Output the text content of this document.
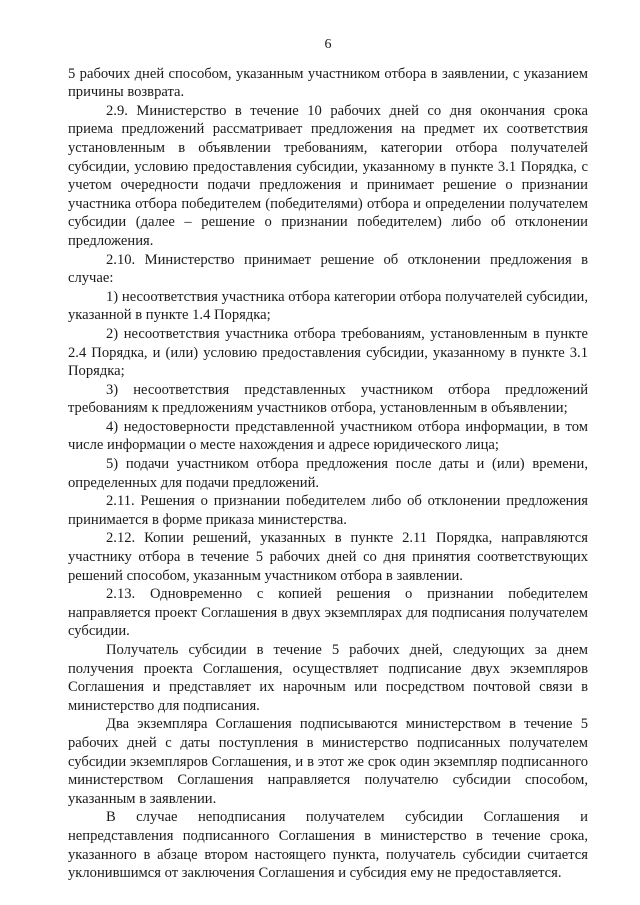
6

5 рабочих дней способом, указанным участником отбора в заявлении, с указанием причины возврата.

2.9. Министерство в течение 10 рабочих дней со дня окончания срока приема предложений рассматривает предложения на предмет их соответствия установленным в объявлении требованиям, категории отбора получателей субсидии, условию предоставления субсидии, указанному в пункте 3.1 Порядка, с учетом очередности подачи предложения и принимает решение о признании участника отбора победителем (победителями) отбора и определении получателем субсидии (далее – решение о признании победителем) либо об отклонении предложения.

2.10. Министерство принимает решение об отклонении предложения в случае:

1) несоответствия участника отбора категории отбора получателей субсидии, указанной в пункте 1.4 Порядка;

2) несоответствия участника отбора требованиям, установленным в пункте 2.4 Порядка, и (или) условию предоставления субсидии, указанному в пункте 3.1 Порядка;

3) несоответствия представленных участником отбора предложений требованиям к предложениям участников отбора, установленным в объявлении;

4) недостоверности представленной участником отбора информации, в том числе информации о месте нахождения и адресе юридического лица;

5) подачи участником отбора предложения после даты и (или) времени, определенных для подачи предложений.

2.11. Решения о признании победителем либо об отклонении предложения принимается в форме приказа министерства.

2.12. Копии решений, указанных в пункте 2.11 Порядка, направляются участнику отбора в течение 5 рабочих дней со дня принятия соответствующих решений способом, указанным участником отбора в заявлении.

2.13. Одновременно с копией решения о признании победителем направляется проект Соглашения в двух экземплярах для подписания получателем субсидии.

Получатель субсидии в течение 5 рабочих дней, следующих за днем получения проекта Соглашения, осуществляет подписание двух экземпляров Соглашения и представляет их нарочным или посредством почтовой связи в министерство для подписания.

Два экземпляра Соглашения подписываются министерством в течение 5 рабочих дней с даты поступления в министерство подписанных получателем субсидии экземпляров Соглашения, и в этот же срок один экземпляр подписанного министерством Соглашения направляется получателю субсидии способом, указанным в заявлении.

В случае неподписания получателем субсидии Соглашения и непредставления подписанного Соглашения в министерство в течение срока, указанного в абзаце втором настоящего пункта, получатель субсидии считается уклонившимся от заключения Соглашения и субсидия ему не предоставляется.
